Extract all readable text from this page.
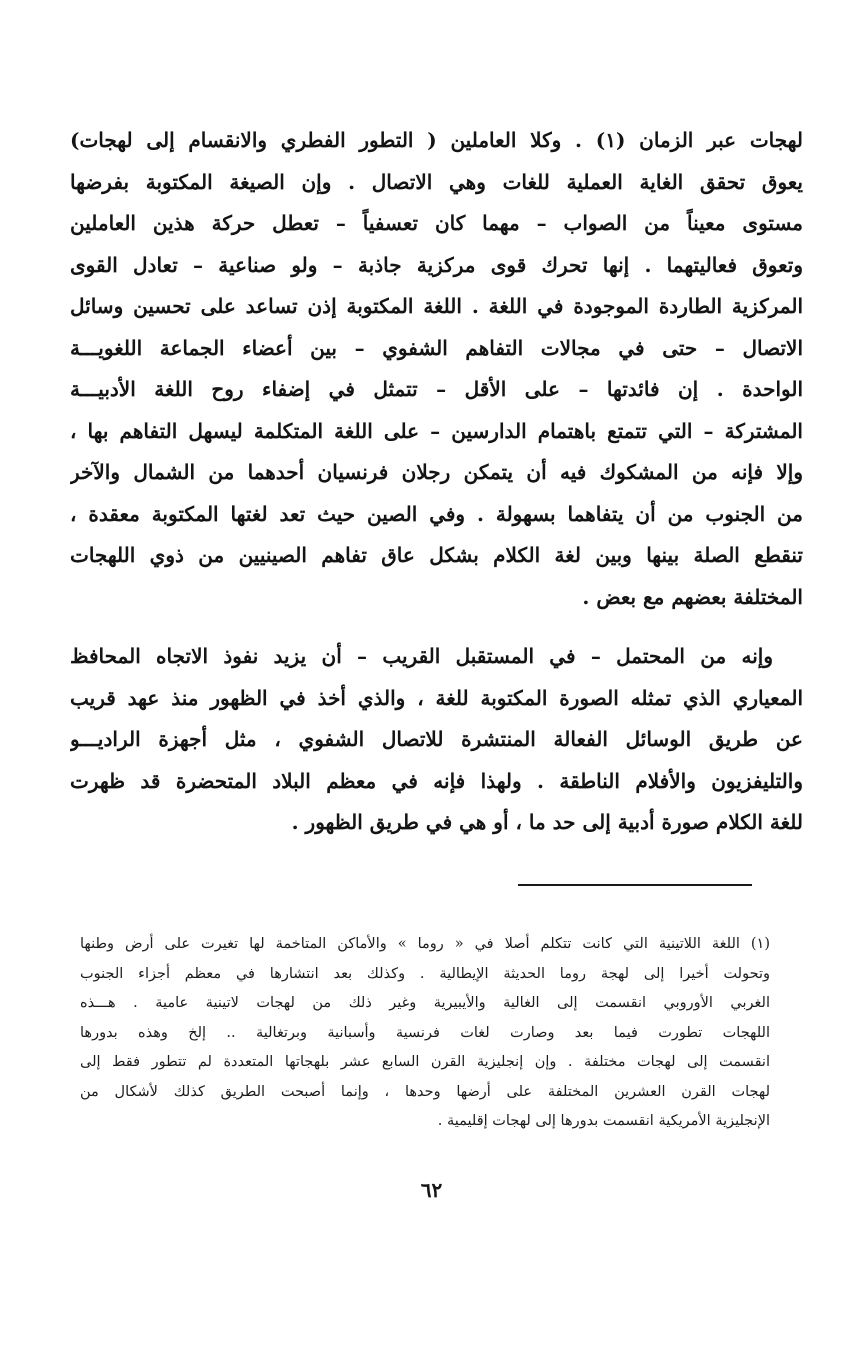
لهجات عبر الزمان (١) . وكلا العاملين ( التطور الفطري والانقسام إلى لهجات)
يعوق تحقق الغاية العملية للغات وهي الاتصال . وإن الصيغة المكتوبة بفرضها
مستوى معيناً من الصواب – مهما كان تعسفياً – تعطل حركة هذين العاملين
وتعوق فعاليتهما . إنها تحرك قوى مركزية جاذبة – ولو صناعية – تعادل القوى
المركزية الطاردة الموجودة في اللغة . اللغة المكتوبة إذن تساعد على تحسين وسائل
الاتصال – حتى في مجالات التفاهم الشفوي – بين أعضاء الجماعة اللغويـــة
الواحدة . إن فائدتها – على الأقل – تتمثل في إضفاء روح اللغة الأدبيـــة
المشتركة – التي تتمتع باهتمام الدارسين – على اللغة المتكلمة ليسهل التفاهم بها ،
وإلا فإنه من المشكوك فيه أن يتمكن رجلان فرنسيان أحدهما من الشمال والآخر
من الجنوب من أن يتفاهما بسهولة . وفي الصين حيث تعد لغتها المكتوبة معقدة ،
تنقطع الصلة بينها وبين لغة الكلام بشكل عاق تفاهم الصينيين من ذوي اللهجات
المختلفة بعضهم مع بعض .
وإنه من المحتمل – في المستقبل القريب – أن يزيد نفوذ الاتجاه المحافظ
المعياري الذي تمثله الصورة المكتوبة للغة ، والذي أخذ في الظهور منذ عهد قريب
عن طريق الوسائل الفعالة المنتشرة للاتصال الشفوي ، مثل أجهزة الراديـــو
والتليفزيون والأفلام الناطقة . ولهذا فإنه في معظم البلاد المتحضرة قد ظهرت
للغة الكلام صورة أدبية إلى حد ما ، أو هي في طريق الظهور .
(١) اللغة اللاتينية التي كانت تتكلم أصلا في « روما » والأماكن المتاخمة لها تغيرت على أرض وطنها
وتحولت أخيرا إلى لهجة روما الحديثة الإيطالية . وكذلك بعد انتشارها في معظم أجزاء الجنوب
الغربي الأوروبي انقسمت إلى الغالية والأيبيرية وغير ذلك من لهجات لاتينية عامية . هـــذه
اللهجات تطورت فيما بعد وصارت لغات فرنسية وأسبانية وبرتغالية .. إلخ وهذه بدورها
انقسمت إلى لهجات مختلفة . وإن إنجليزية القرن السابع عشر بلهجاتها المتعددة لم تتطور فقط إلى
لهجات القرن العشرين المختلفة على أرضها وحدها ، وإنما أصبحت الطريق كذلك لأشكال من
الإنجليزية الأمريكية انقسمت بدورها إلى لهجات إقليمية .
٦٢
